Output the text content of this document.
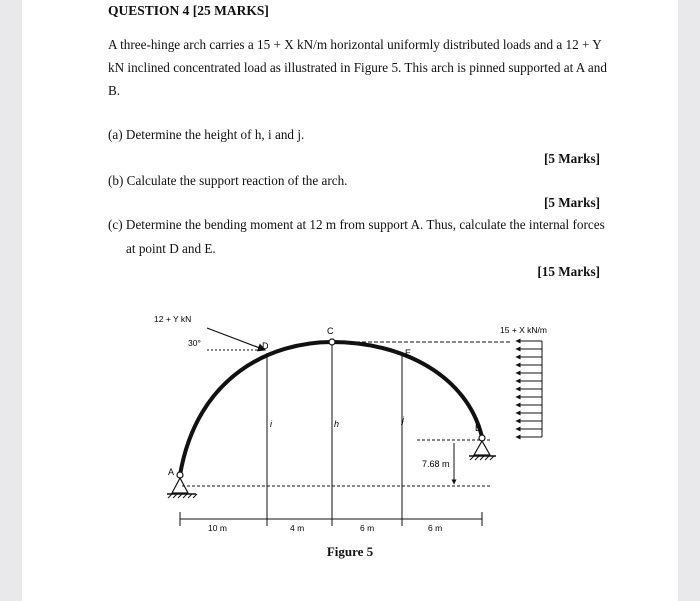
QUESTION 4 [25 MARKS]
A three-hinge arch carries a 15 + X kN/m horizontal uniformly distributed loads and a 12 + Y
kN inclined concentrated load as illustrated in Figure 5. This arch is pinned supported at A and
B.
(a) Determine the height of h, i and j.
[5 Marks]
(b) Calculate the support reaction of the arch.
[5 Marks]
(c) Determine the bending moment at 12 m from support A. Thus, calculate the internal forces
at point D and E.
[15 Marks]
12 + Y kN
30°
15 + X kN/m
A
B
C
D
E
h
i	j
7.68 m
10 m	4 m	6 m	6 m
Figure 5
